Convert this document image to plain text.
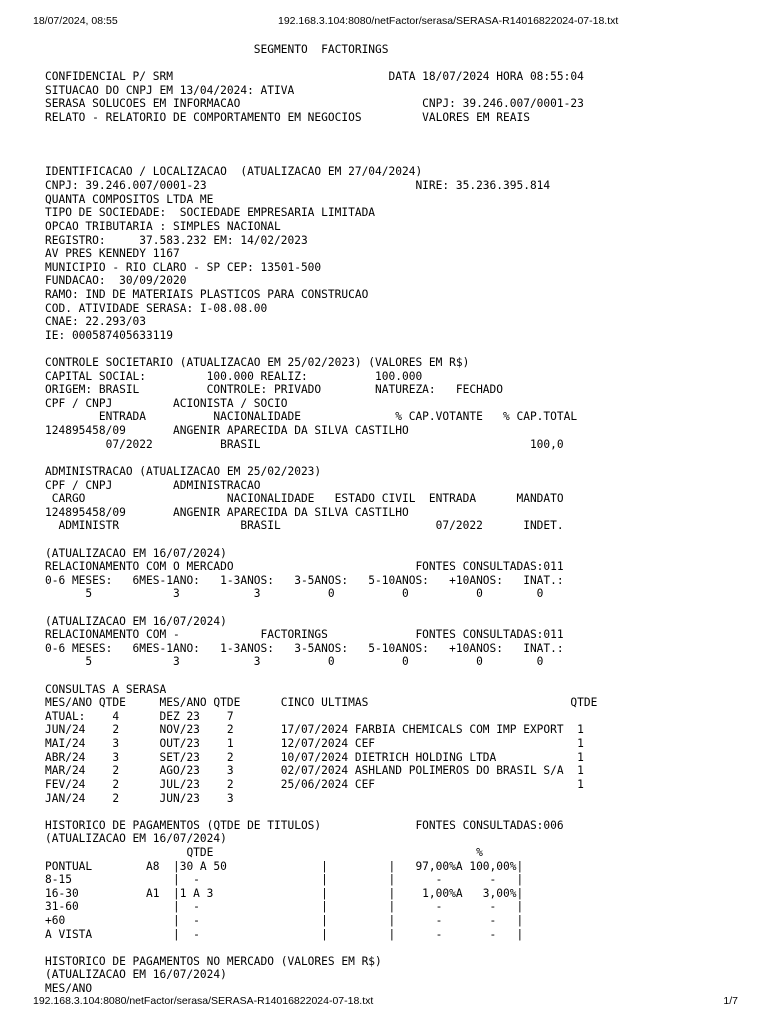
18/07/2024, 08:55	192.168.3.104:8080/netFactor/serasa/SERASA-R14016822024-07-18.txt
SEGMENTO  FACTORINGS
CONFIDENCIAL P/ SRM                                DATA 18/07/2024 HORA 08:55:04
SITUACAO DO CNPJ EM 13/04/2024: ATIVA
SERASA SOLUCOES EM INFORMACAO                           CNPJ: 39.246.007/0001-23
RELATO - RELATORIO DE COMPORTAMENTO EM NEGOCIOS         VALORES EM REAIS
IDENTIFICACAO / LOCALIZACAO  (ATUALIZACAO EM 27/04/2024)
CNPJ: 39.246.007/0001-23                               NIRE: 35.236.395.814
QUANTA COMPOSITOS LTDA ME
TIPO DE SOCIEDADE:  SOCIEDADE EMPRESARIA LIMITADA
OPCAO TRIBUTARIA : SIMPLES NACIONAL
REGISTRO:     37.583.232 EM: 14/02/2023
AV PRES KENNEDY 1167
MUNICIPIO - RIO CLARO - SP CEP: 13501-500
FUNDACAO:  30/09/2020
RAMO: IND DE MATERIAIS PLASTICOS PARA CONSTRUCAO
COD. ATIVIDADE SERASA: I-08.08.00
CNAE: 22.293/03
IE: 000587405633119
CONTROLE SOCIETARIO (ATUALIZACAO EM 25/02/2023) (VALORES EM R$)
CAPITAL SOCIAL:         100.000 REALIZ:          100.000
ORIGEM: BRASIL          CONTROLE: PRIVADO        NATUREZA:   FECHADO
CPF / CNPJ         ACIONISTA / SOCIO
ENTRADA          NACIONALIDADE              % CAP.VOTANTE   % CAP.TOTAL
124895458/09       ANGENIR APARECIDA DA SILVA CASTILHO
07/2022          BRASIL                                        100,0
ADMINISTRACAO (ATUALIZACAO EM 25/02/2023)
CPF / CNPJ         ADMINISTRACAO
CARGO                     NACIONALIDADE   ESTADO CIVIL  ENTRADA      MANDATO
124895458/09       ANGENIR APARECIDA DA SILVA CASTILHO
ADMINISTR                  BRASIL                       07/2022      INDET.
(ATUALIZACAO EM 16/07/2024)
RELACIONAMENTO COM O MERCADO                           FONTES CONSULTADAS:011
0-6 MESES:   6MES-1ANO:   1-3ANOS:   3-5ANOS:   5-10ANOS:   +10ANOS:   INAT.:
5            3           3          0          0          0        0
(ATUALIZACAO EM 16/07/2024)
RELACIONAMENTO COM -            FACTORINGS             FONTES CONSULTADAS:011
0-6 MESES:   6MES-1ANO:   1-3ANOS:   3-5ANOS:   5-10ANOS:   +10ANOS:   INAT.:
5            3           3          0          0          0        0
CONSULTAS A SERASA
MES/ANO QTDE     MES/ANO QTDE      CINCO ULTIMAS                              QTDE
ATUAL:    4      DEZ 23    7
JUN/24    2      NOV/23    2       17/07/2024 FARBIA CHEMICALS COM IMP EXPORT  1
MAI/24    3      OUT/23    1       12/07/2024 CEF                              1
ABR/24    3      SET/23    2       10/07/2024 DIETRICH HOLDING LTDA            1
MAR/24    2      AGO/23    3       02/07/2024 ASHLAND POLIMEROS DO BRASIL S/A  1
FEV/24    2      JUL/23    2       25/06/2024 CEF                              1
JAN/24    2      JUN/23    3
HISTORICO DE PAGAMENTOS (QTDE DE TITULOS)              FONTES CONSULTADAS:006
(ATUALIZACAO EM 16/07/2024)
QTDE                                       %
PONTUAL        A8  |30 A 50              |         |   97,00%A 100,00%|
8-15               |  -                  |         |      -       -   |
16-30          A1  |1 A 3                |         |    1,00%A   3,00%|
31-60              |  -                  |         |      -       -   |
+60                |  -                  |         |      -       -   |
A VISTA            |  -                  |         |      -       -   |
HISTORICO DE PAGAMENTOS NO MERCADO (VALORES EM R$)
(ATUALIZACAO EM 16/07/2024)
MES/ANO
192.168.3.104:8080/netFactor/serasa/SERASA-R14016822024-07-18.txt	1/7
